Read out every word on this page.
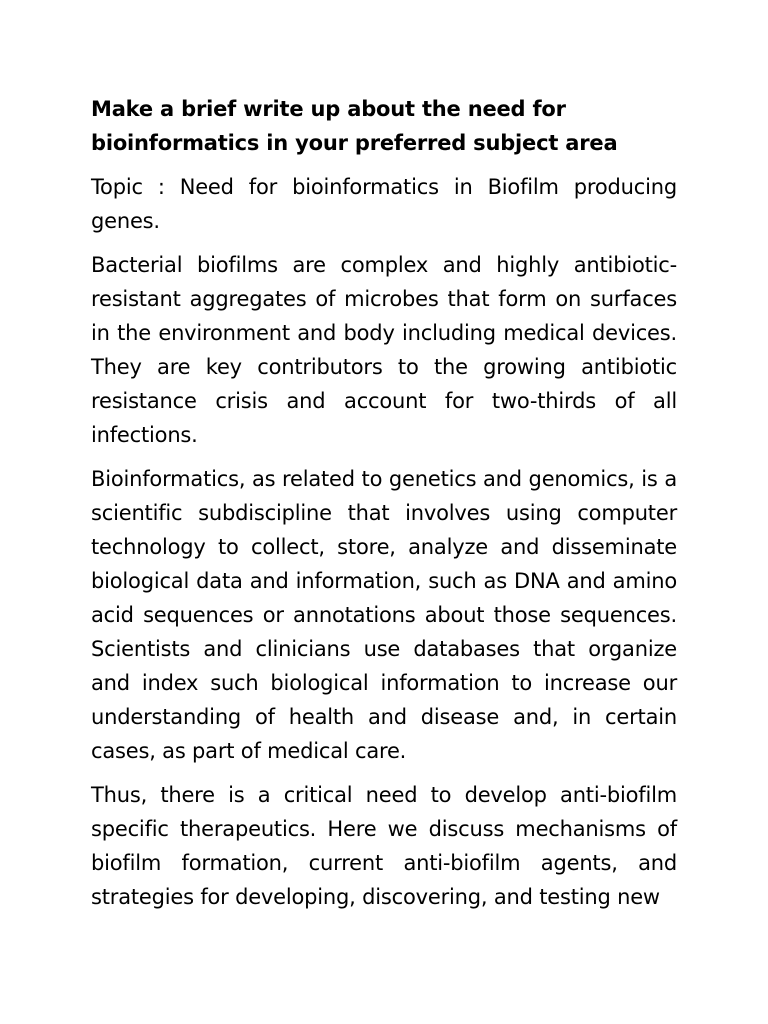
Make a brief write up about the need for bioinformatics in your preferred subject area

Topic : Need for bioinformatics in Biofilm producing genes.

Bacterial biofilms are complex and highly antibiotic-resistant aggregates of microbes that form on surfaces in the environment and body including medical devices. They are key contributors to the growing antibiotic resistance crisis and account for two-thirds of all infections.

Bioinformatics, as related to genetics and genomics, is a scientific subdiscipline that involves using computer technology to collect, store, analyze and disseminate biological data and information, such as DNA and amino acid sequences or annotations about those sequences. Scientists and clinicians use databases that organize and index such biological information to increase our understanding of health and disease and, in certain cases, as part of medical care.

Thus, there is a critical need to develop anti-biofilm specific therapeutics. Here we discuss mechanisms of biofilm formation, current anti-biofilm agents, and strategies for developing, discovering, and testing new
